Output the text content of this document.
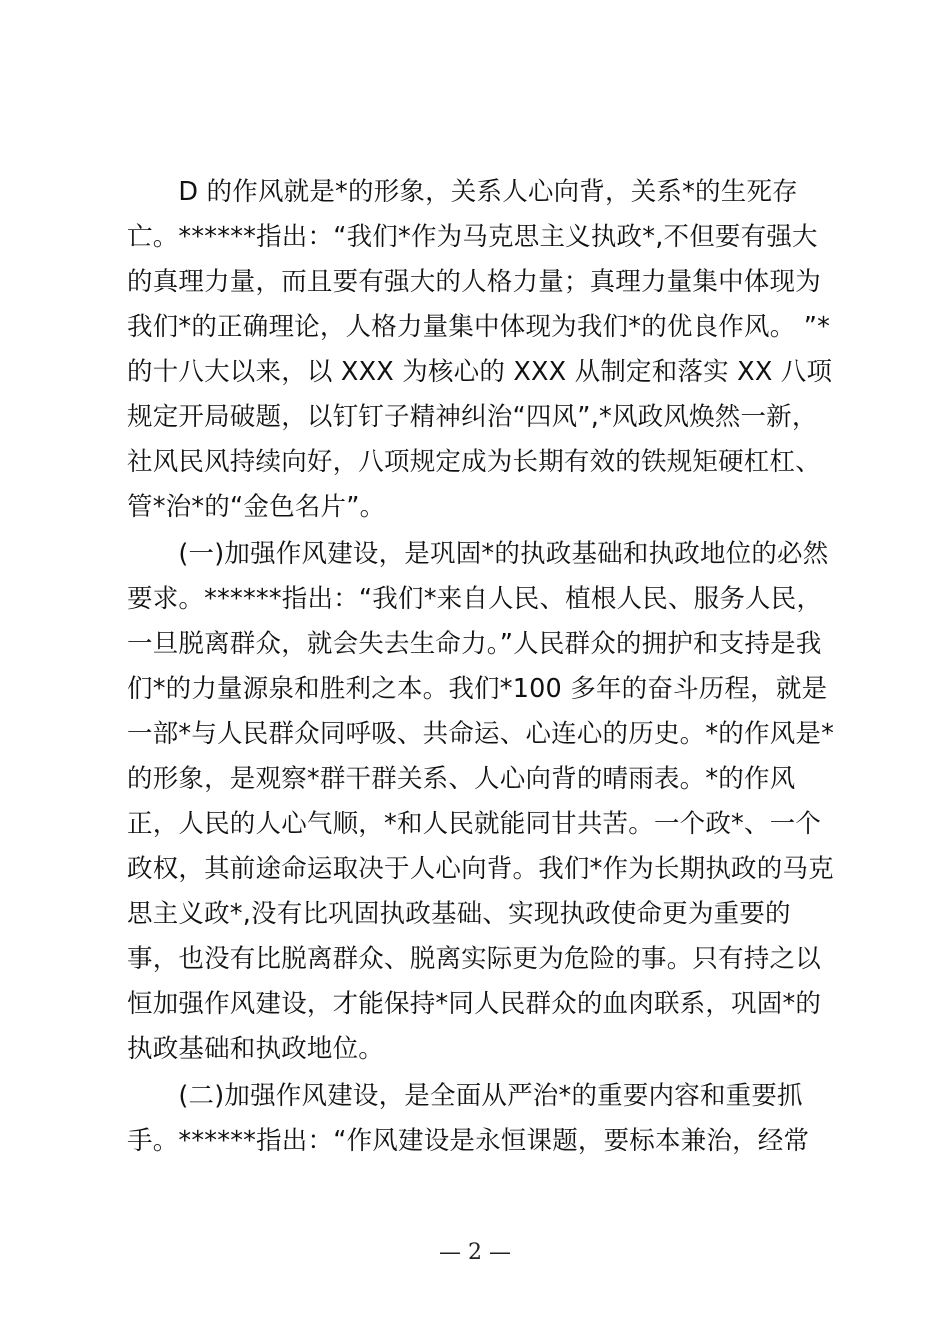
　　D 的作风就是*的形象，关系人心向背，关系*的生死存
亡。******指出：“我们*作为马克思主义执政*,不但要有强大
的真理力量，而且要有强大的人格力量；真理力量集中体现为
我们*的正确理论，人格力量集中体现为我们*的优良作风。 ”*
的十八大以来，以 XXX 为核心的 XXX 从制定和落实 XX 八项
规定开局破题，以钉钉子精神纠治“四风”,*风政风焕然一新，
社风民风持续向好，八项规定成为长期有效的铁规矩硬杠杠、
管*治*的“金色名片”。
　　(一)加强作风建设，是巩固*的执政基础和执政地位的必然
要求。******指出：“我们*来自人民、植根人民、服务人民，
一旦脱离群众，就会失去生命力。”人民群众的拥护和支持是我
们*的力量源泉和胜利之本。我们*100 多年的奋斗历程，就是
一部*与人民群众同呼吸、共命运、心连心的历史。*的作风是*
的形象，是观察*群干群关系、人心向背的晴雨表。*的作风
正，人民的人心气顺，*和人民就能同甘共苦。一个政*、一个
政权，其前途命运取决于人心向背。我们*作为长期执政的马克
思主义政*,没有比巩固执政基础、实现执政使命更为重要的
事，也没有比脱离群众、脱离实际更为危险的事。只有持之以
恒加强作风建设，才能保持*同人民群众的血肉联系，巩固*的
执政基础和执政地位。
　　(二)加强作风建设，是全面从严治*的重要内容和重要抓
手。******指出：“作风建设是永恒课题，要标本兼治，经常
— 2 —
